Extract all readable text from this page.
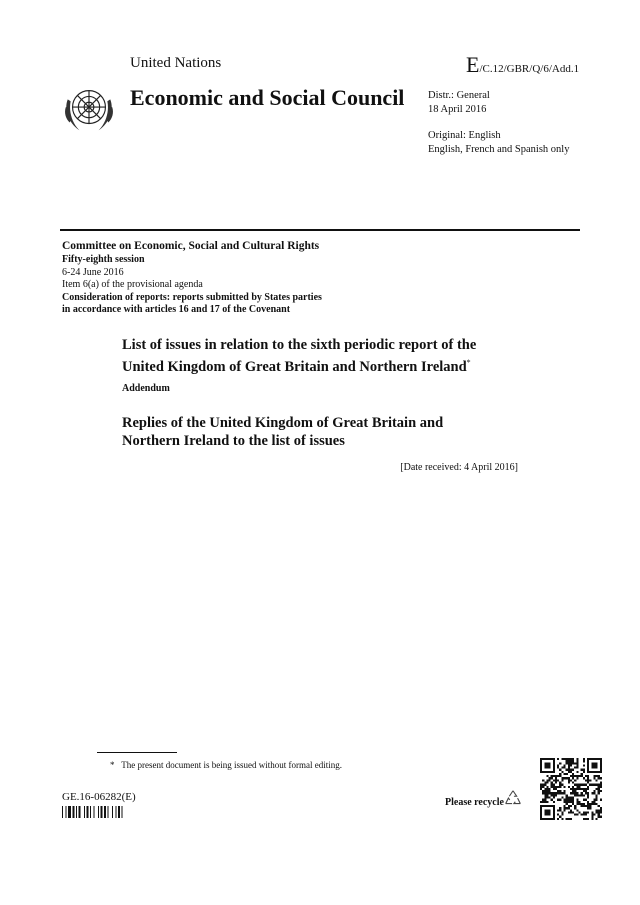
United Nations	E/C.12/GBR/Q/6/Add.1
Economic and Social Council Distr.: General
18 April 2016
Original: English
English, French and Spanish only
Committee on Economic, Social and Cultural Rights
Fifty-eighth session
6-24 June 2016
Item 6(a) of the provisional agenda
Consideration of reports: reports submitted by States parties
in accordance with articles 16 and 17 of the Covenant
List of issues in relation to the sixth periodic report of the
United Kingdom of Great Britain and Northern Ireland*
Addendum
Replies of the United Kingdom of Great Britain and
Northern Ireland to the list of issues
[Date received: 4 April 2016]
* The present document is being issued without formal editing.
GE.16-06282(E)	Please recycle
